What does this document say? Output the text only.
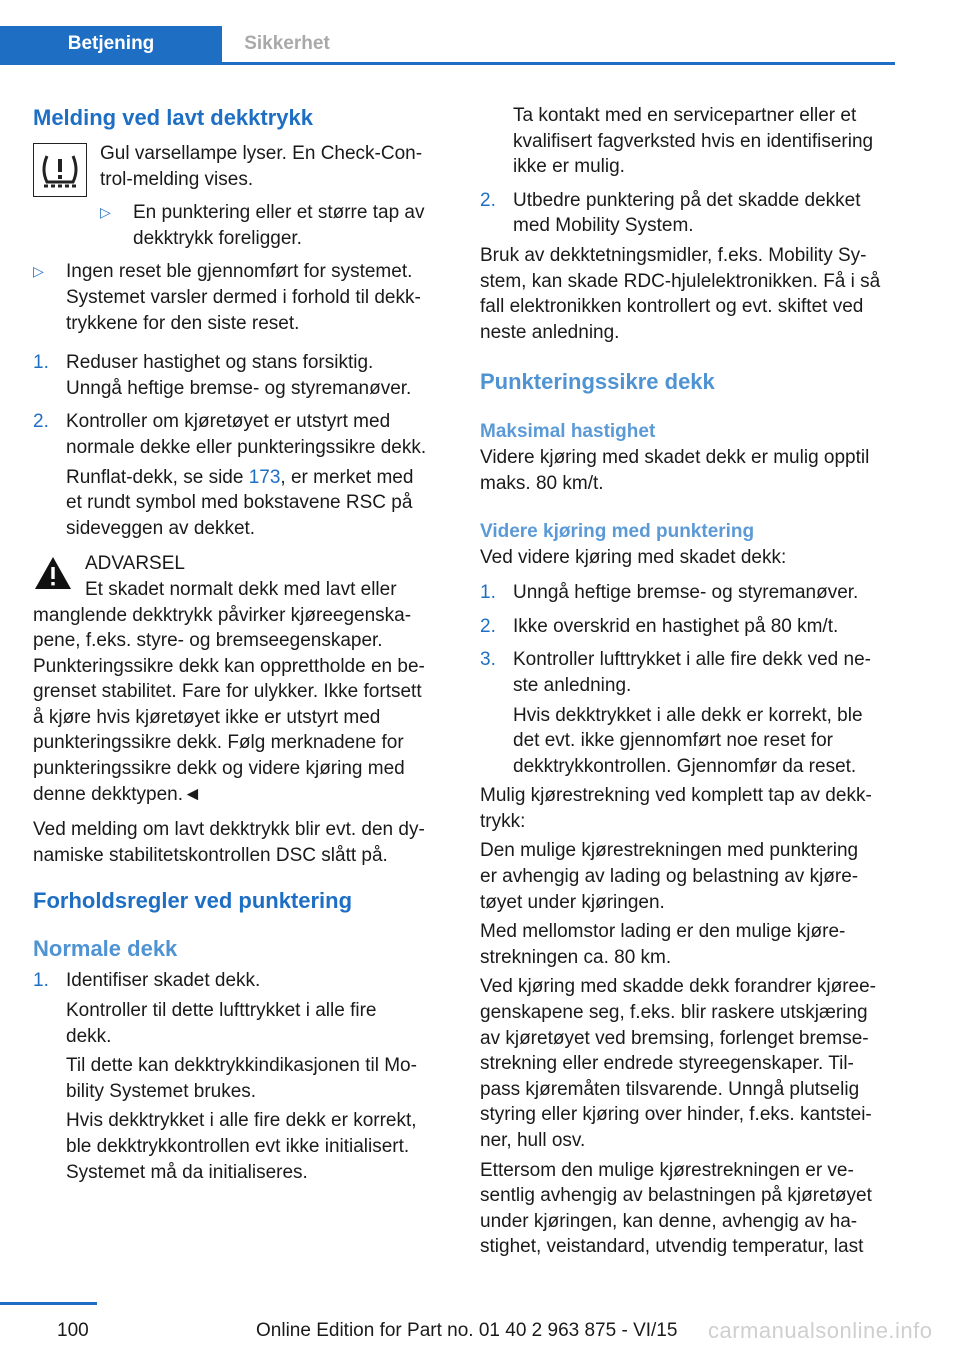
Betjening	Sikkerhet
Melding ved lavt dekktrykk

Gul varsellampe lyser. En Check-Con-

trol-melding vises.

▷ En punktering eller et større tap av

dekktrykk foreligger.

▷ Ingen reset ble gjennomført for systemet.

Systemet varsler dermed i forhold til dekk-

trykkene for den siste reset.

1. Reduser hastighet og stans forsiktig.

Unngå heftige bremse- og styremanøver.

2. Kontroller om kjøretøyet er utstyrt med

normale dekke eller punkteringssikre dekk.

Runflat-dekk, se side 173, er merket med

et rundt symbol med bokstavene RSC på

sideveggen av dekket.

ADVARSEL

Et skadet normalt dekk med lavt eller

manglende dekktrykk påvirker kjøreegenska-

pene, f.eks. styre- og bremseegenskaper.

Punkteringssikre dekk kan opprettholde en be-

grenset stabilitet. Fare for ulykker. Ikke fortsett

å kjøre hvis kjøretøyet ikke er utstyrt med

punkteringssikre dekk. Følg merknadene for

punkteringssikre dekk og videre kjøring med

denne dekktypen.◄

Ved melding om lavt dekktrykk blir evt. den dy-

namiske stabilitetskontrollen DSC slått på.

Forholdsregler ved punktering
Normale dekk
1. Identifiser skadet dekk.

Kontroller til dette lufttrykket i alle fire

dekk.

Til dette kan dekktrykkindikasjonen til Mo-

bility Systemet brukes.

Hvis dekktrykket i alle fire dekk er korrekt,

ble dekktrykkontrollen evt ikke initialisert.

Systemet må da initialiseres.

Ta kontakt med en servicepartner eller et

kvalifisert fagverksted hvis en identifisering

ikke er mulig.

2. Utbedre punktering på det skadde dekket

med Mobility System.

Bruk av dekktetningsmidler, f.eks. Mobility Sy-

stem, kan skade RDC-hjulelektronikken. Få i så

fall elektronikken kontrollert og evt. skiftet ved

neste anledning.

Punkteringssikre dekk
Maksimal hastighet

Videre kjøring med skadet dekk er mulig opptil

maks. 80 km/t.

Videre kjøring med punktering

Ved videre kjøring med skadet dekk:

1. Unngå heftige bremse- og styremanøver.

2. Ikke overskrid en hastighet på 80 km/t.

3. Kontroller lufttrykket i alle fire dekk ved ne-

ste anledning.

Hvis dekktrykket i alle dekk er korrekt, ble

det evt. ikke gjennomført noe reset for

dekktrykkontrollen. Gjennomfør da reset.

Mulig kjørestrekning ved komplett tap av dekk-

trykk:

Den mulige kjørestrekningen med punktering

er avhengig av lading og belastning av kjøre-

tøyet under kjøringen.

Med mellomstor lading er den mulige kjøre-

strekningen ca. 80 km.

Ved kjøring med skadde dekk forandrer kjøree-

genskapene seg, f.eks. blir raskere utskjæring

av kjøretøyet ved bremsing, forlenget bremse-

strekning eller endrede styreegenskaper. Til-

pass kjøremåten tilsvarende. Unngå plutselig

styring eller kjøring over hinder, f.eks. kantstei-

ner, hull osv.

Ettersom den mulige kjørestrekningen er ve-

sentlig avhengig av belastningen på kjøretøyet

under kjøringen, kan denne, avhengig av ha-

stighet, veistandard, utvendig temperatur, last

100	Online Edition for Part no. 01 40 2 963 875 - VI/15 carmanualsonline.info
